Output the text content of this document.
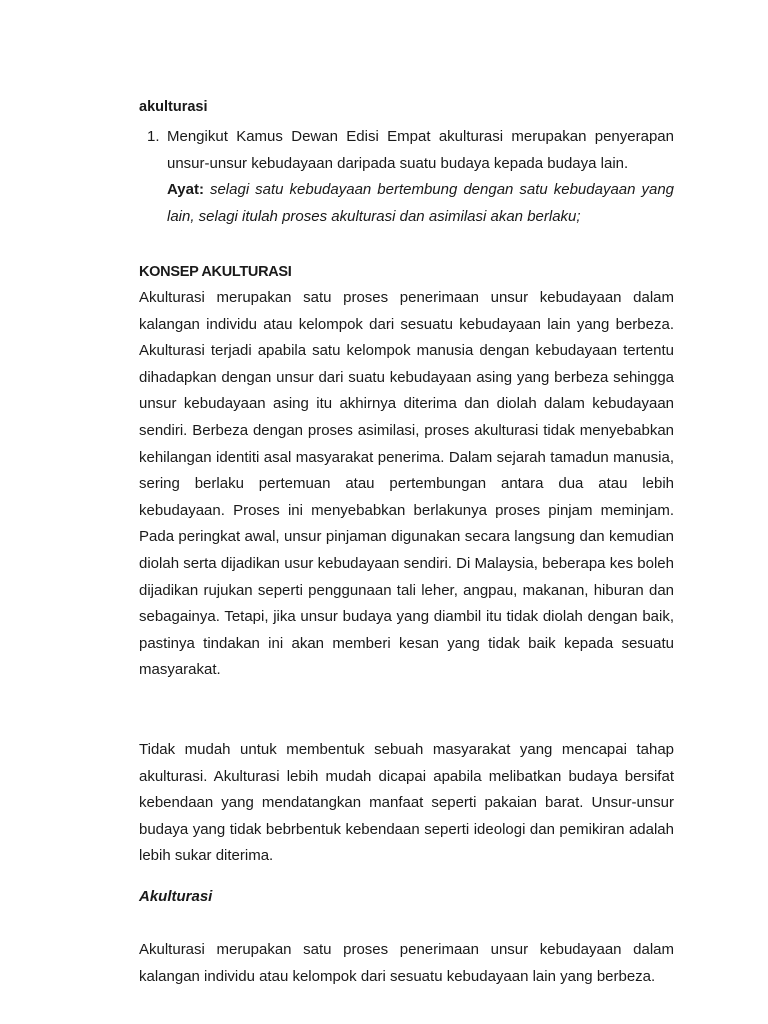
akulturasi
1. Mengikut Kamus Dewan Edisi Empat akulturasi merupakan penyerapan unsur-unsur kebudayaan daripada suatu budaya kepada budaya lain.
Ayat: selagi satu kebudayaan bertembung dengan satu kebudayaan yang lain, selagi itulah proses akulturasi dan asimilasi akan berlaku;
KONSEP AKULTURASI

Akulturasi merupakan satu proses penerimaan unsur kebudayaan dalam kalangan individu atau kelompok dari sesuatu kebudayaan lain yang berbeza. Akulturasi terjadi apabila satu kelompok manusia dengan kebudayaan tertentu dihadapkan dengan unsur dari suatu kebudayaan asing yang berbeza sehingga unsur kebudayaan asing itu akhirnya diterima dan diolah dalam kebudayaan sendiri. Berbeza dengan proses asimilasi, proses akulturasi tidak menyebabkan kehilangan identiti asal masyarakat penerima. Dalam sejarah tamadun manusia, sering berlaku pertemuan atau pertembungan antara dua atau lebih kebudayaan. Proses ini menyebabkan berlakunya proses pinjam meminjam. Pada peringkat awal, unsur pinjaman digunakan secara langsung dan kemudian diolah serta dijadikan usur kebudayaan sendiri. Di Malaysia, beberapa kes boleh dijadikan rujukan seperti penggunaan tali leher, angpau, makanan, hiburan dan sebagainya. Tetapi, jika unsur budaya yang diambil itu tidak diolah dengan baik, pastinya tindakan ini akan memberi kesan yang tidak baik kepada sesuatu masyarakat.

Tidak mudah untuk membentuk sebuah masyarakat yang mencapai tahap akulturasi. Akulturasi lebih mudah dicapai apabila melibatkan budaya bersifat kebendaan yang mendatangkan manfaat seperti pakaian barat. Unsur-unsur budaya yang tidak bebrbentuk kebendaan seperti ideologi dan pemikiran adalah lebih sukar diterima.

Akulturasi

Akulturasi merupakan satu proses penerimaan unsur kebudayaan dalam kalangan individu atau kelompok dari sesuatu kebudayaan lain yang berbeza.
